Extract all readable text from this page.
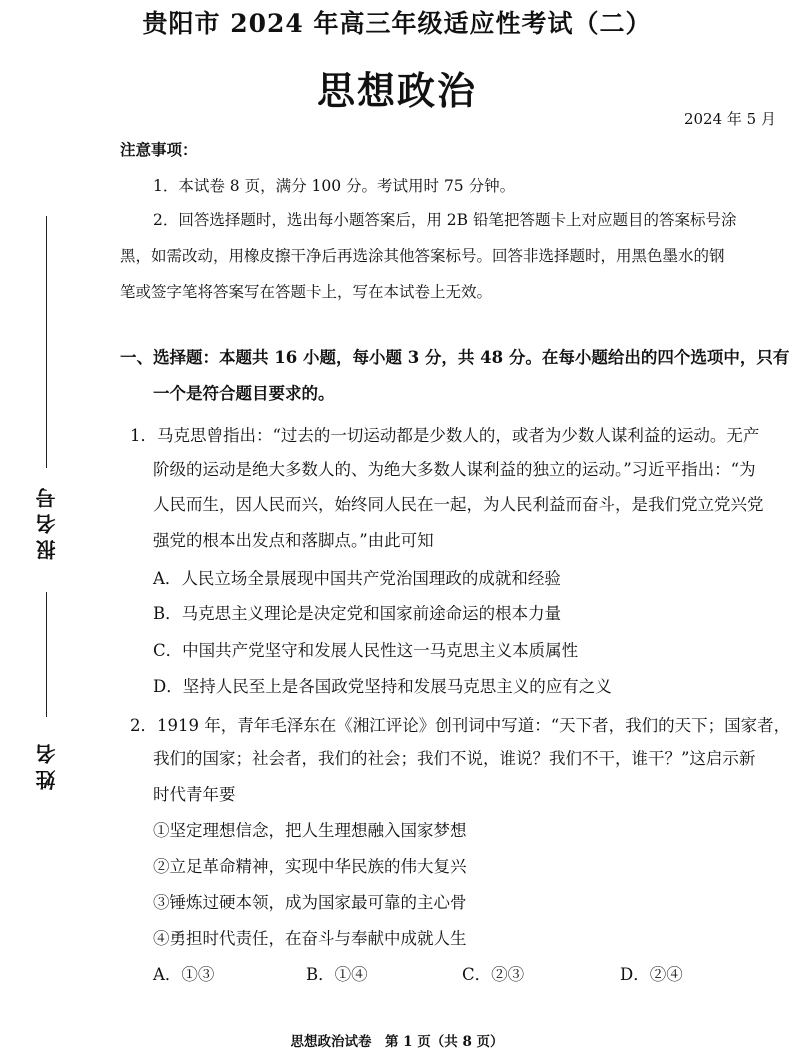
贵阳市 2024 年高三年级适应性考试（二）
思想政治
2024 年 5 月
注意事项：
1．本试卷 8 页，满分 100 分。考试用时 75 分钟。
2．回答选择题时，选出每小题答案后，用 2B 铅笔把答题卡上对应题目的答案标号涂
黑，如需改动，用橡皮擦干净后再选涂其他答案标号。回答非选择题时，用黑色墨水的钢
笔或签字笔将答案写在答题卡上，写在本试卷上无效。
一、选择题：本题共 16 小题，每小题 3 分，共 48 分。在每小题给出的四个选项中，只有
一个是符合题目要求的。
1．马克思曾指出：“过去的一切运动都是少数人的，或者为少数人谋利益的运动。无产
阶级的运动是绝大多数人的、为绝大多数人谋利益的独立的运动。”习近平指出：“为
人民而生，因人民而兴，始终同人民在一起，为人民利益而奋斗，是我们党立党兴党
强党的根本出发点和落脚点。”由此可知
A．人民立场全景展现中国共产党治国理政的成就和经验
B．马克思主义理论是决定党和国家前途命运的根本力量
C．中国共产党坚守和发展人民性这一马克思主义本质属性
D．坚持人民至上是各国政党坚持和发展马克思主义的应有之义
2．1919 年，青年毛泽东在《湘江评论》创刊词中写道：“天下者，我们的天下；国家者，
我们的国家；社会者，我们的社会；我们不说，谁说？我们不干，谁干？”这启示新
时代青年要
①坚定理想信念，把人生理想融入国家梦想
②立足革命精神，实现中华民族的伟大复兴
③锤炼过硬本领，成为国家最可靠的主心骨
④勇担时代责任，在奋斗与奉献中成就人生
A．①③	B．①④	C．②③	D．②④
报名号
姓名
思想政治试卷　第 1 页（共 8 页）
